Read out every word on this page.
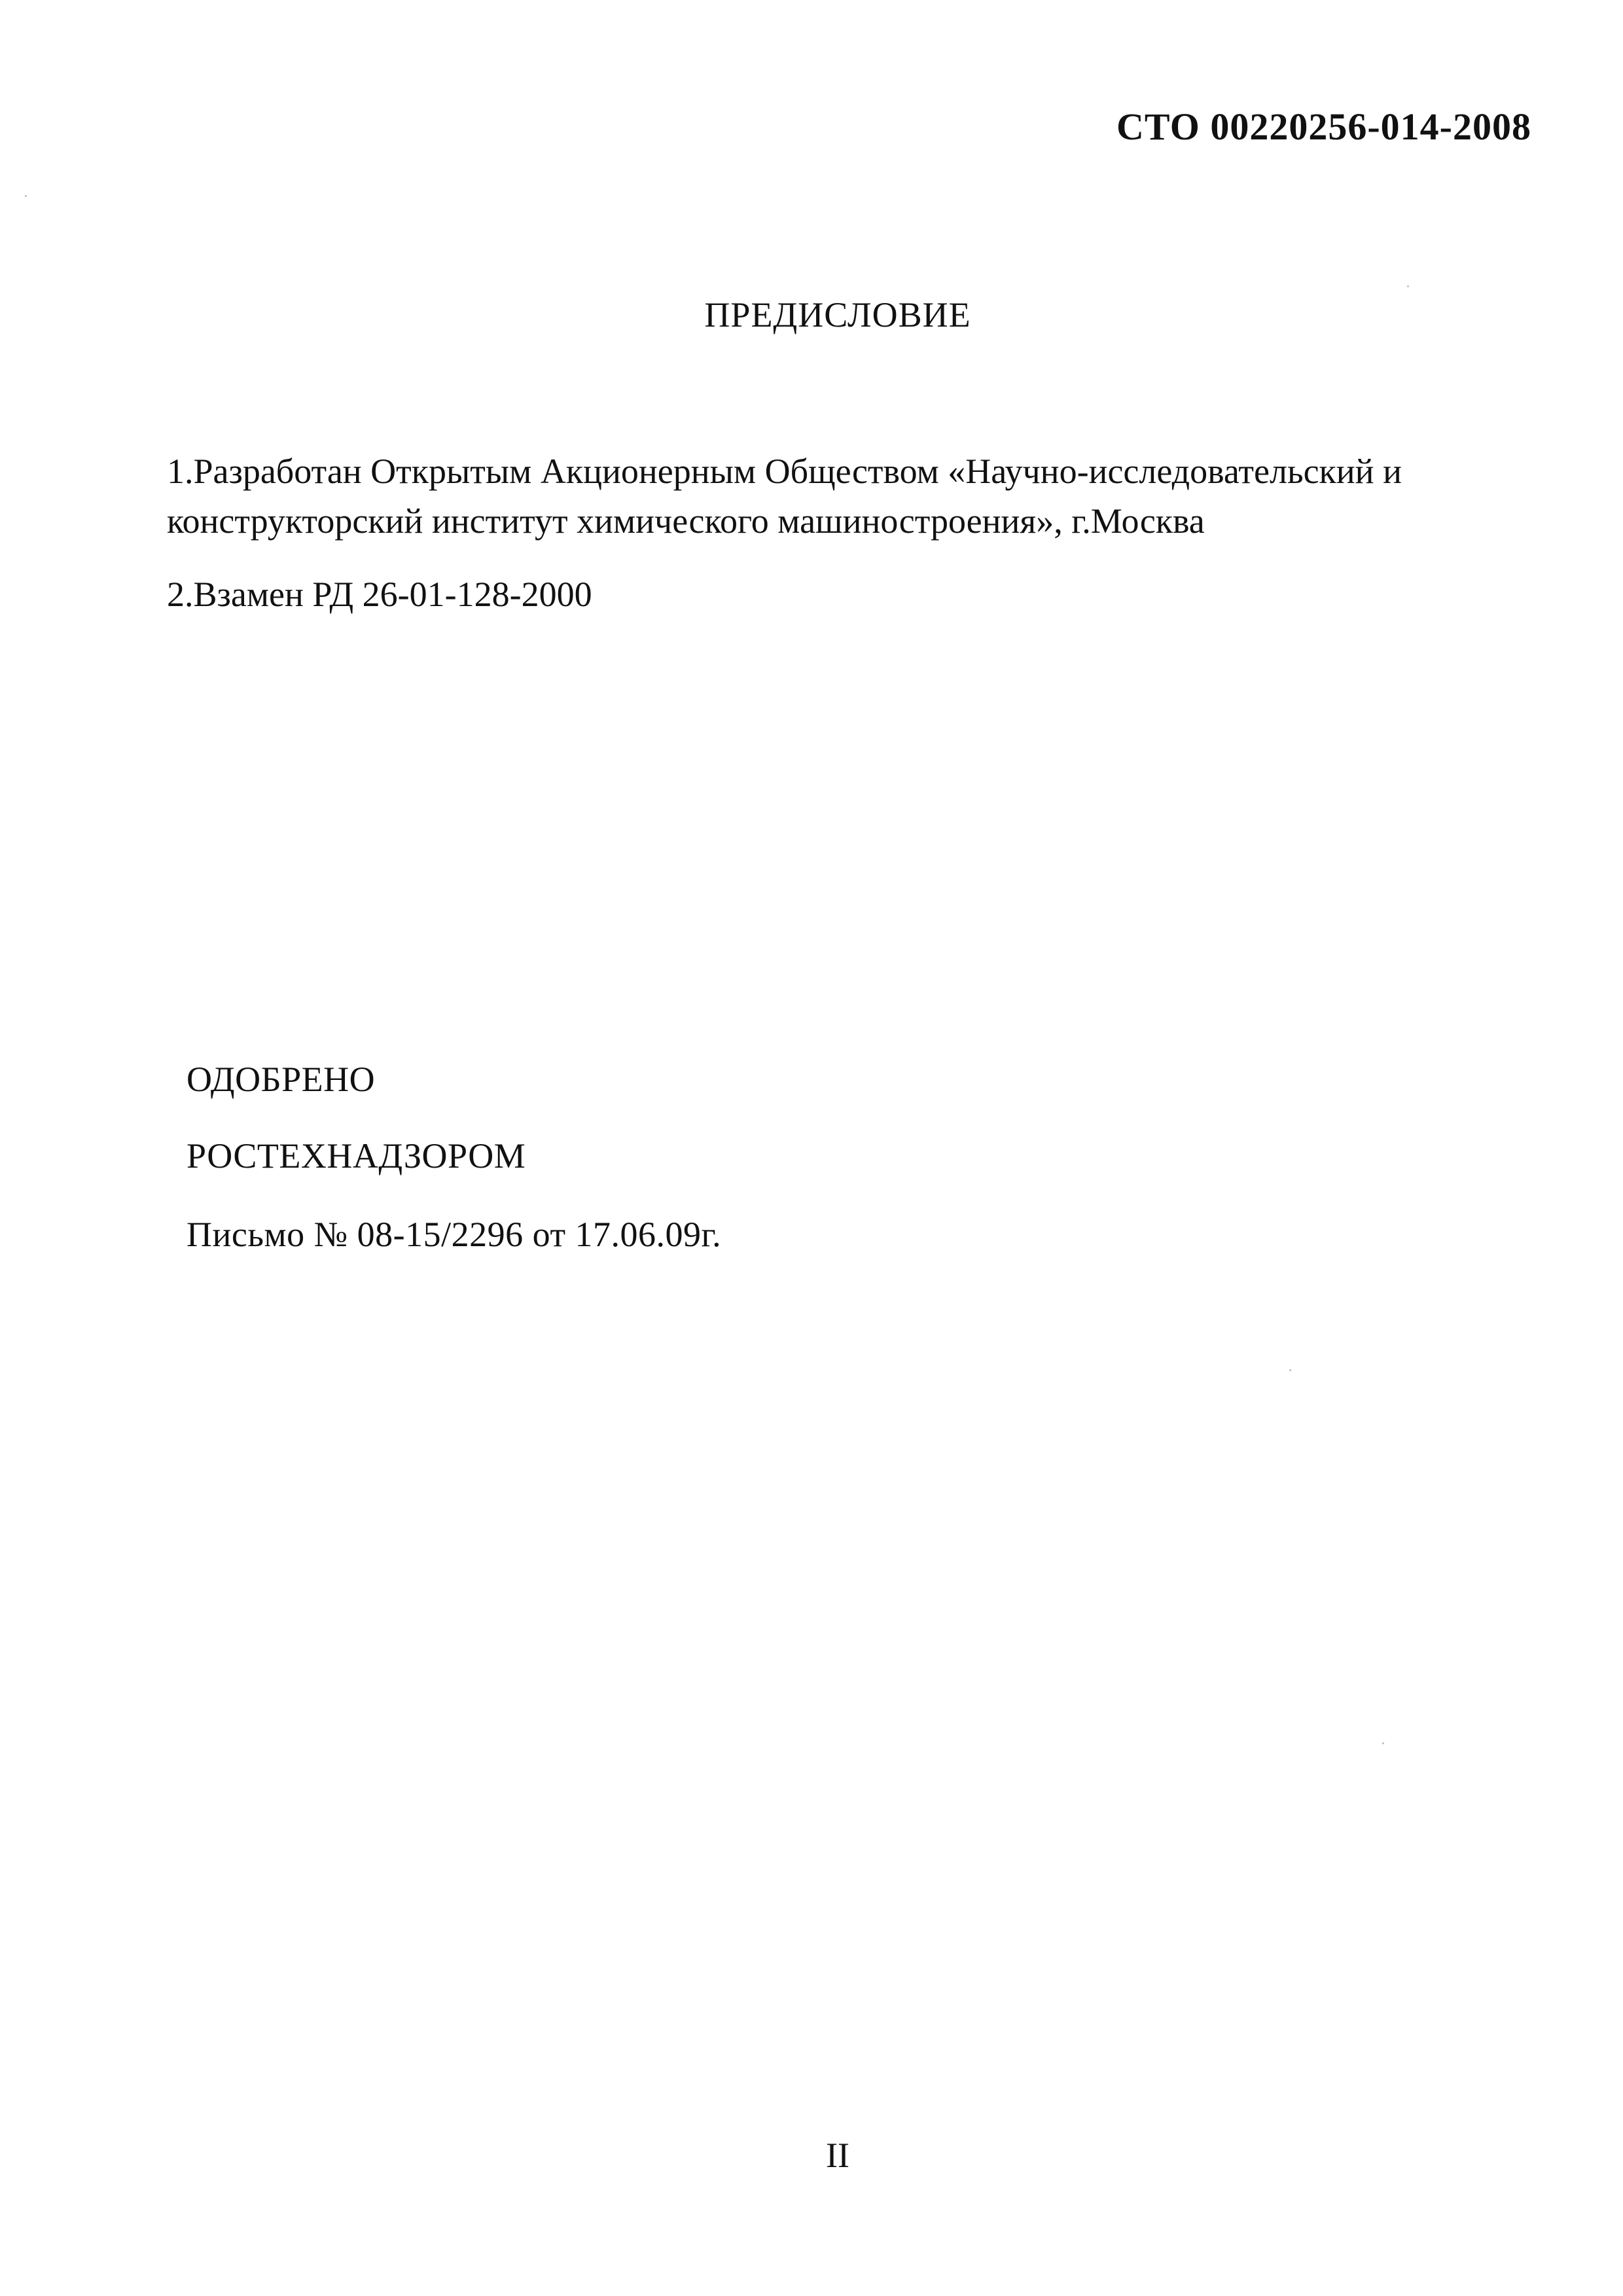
СТО 00220256-014-2008
ПРЕДИСЛОВИЕ
1.Разработан Открытым Акционерным Обществом «Научно-исследовательский и конструкторский институт химического машиностроения», г.Москва
2.Взамен РД 26-01-128-2000
ОДОБРЕНО
РОСТЕХНАДЗОРОМ
Письмо № 08-15/2296 от 17.06.09г.
II
